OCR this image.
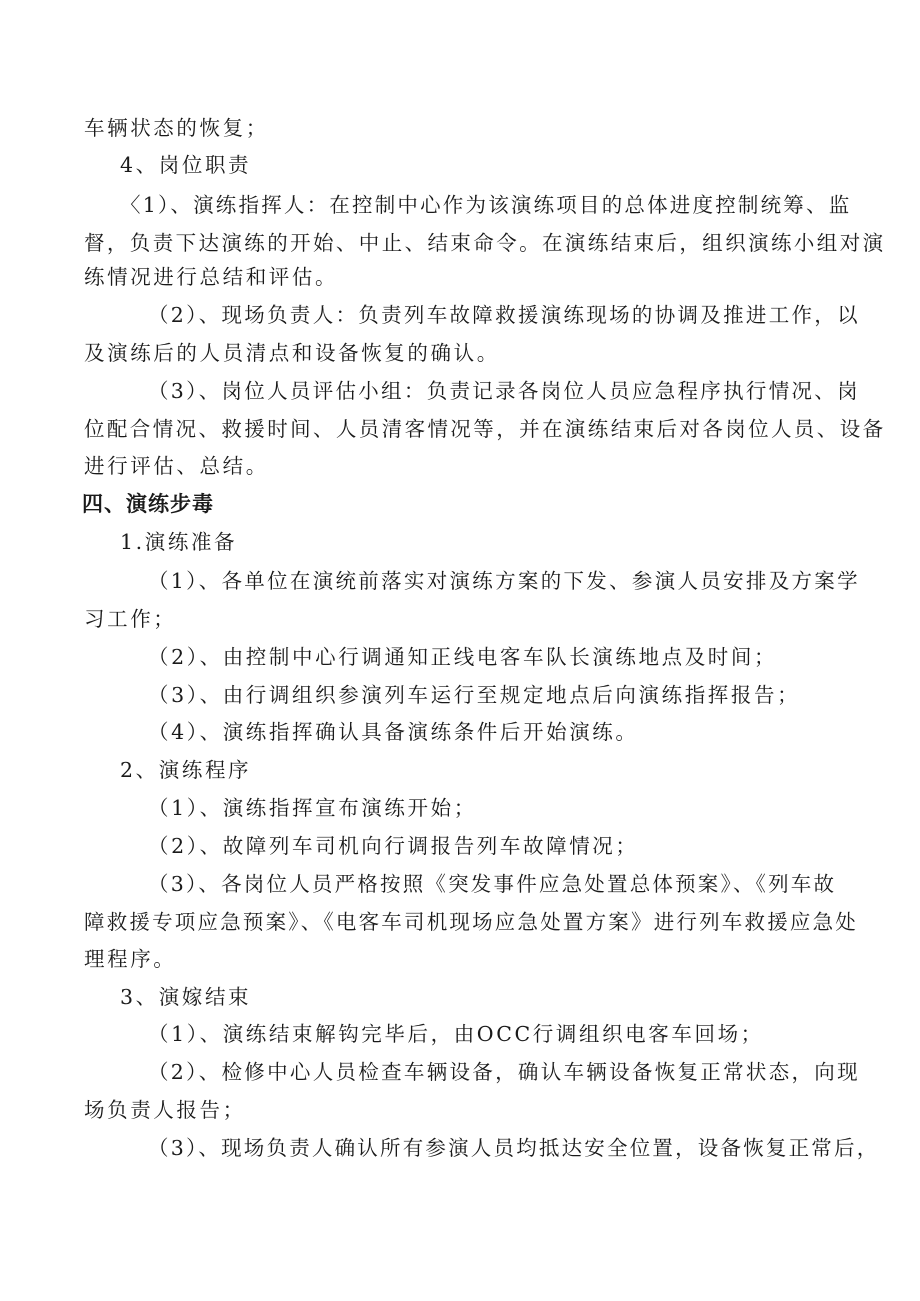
车辆状态的恢复；
4、岗位职责
〈1）、演练指挥人：在控制中心作为该演练项目的总体进度控制统筹、监
督，负责下达演练的开始、中止、结束命令。在演练结束后，组织演练小组对演
练情况进行总结和评估。
（2）、现场负责人：负责列车故障救援演练现场的协调及推进工作，以
及演练后的人员清点和设备恢复的确认。
（3）、岗位人员评估小组：负责记录各岗位人员应急程序执行情况、岗
位配合情况、救援时间、人员清客情况等，并在演练结束后对各岗位人员、设备
进行评估、总结。
四、演练步毒
1.演练准备
（1）、各单位在演统前落实对演练方案的下发、参演人员安排及方案学
习工作；
（2）、由控制中心行调通知正线电客车队长演练地点及时间；
（3）、由行调组织参演列车运行至规定地点后向演练指挥报告；
（4）、演练指挥确认具备演练条件后开始演练。
2、演练程序
（1）、演练指挥宣布演练开始；
（2）、故障列车司机向行调报告列车故障情况；
（3）、各岗位人员严格按照《突发事件应急处置总体预案》、《列车故
障救援专项应急预案》、《电客车司机现场应急处置方案》进行列车救援应急处
理程序。
3、演嫁结束
（1）、演练结束解钩完毕后，由OCC行调组织电客车回场；
（2）、检修中心人员检查车辆设备，确认车辆设备恢复正常状态，向现
场负责人报告；
（3）、现场负责人确认所有参演人员均抵达安全位置，设备恢复正常后，
